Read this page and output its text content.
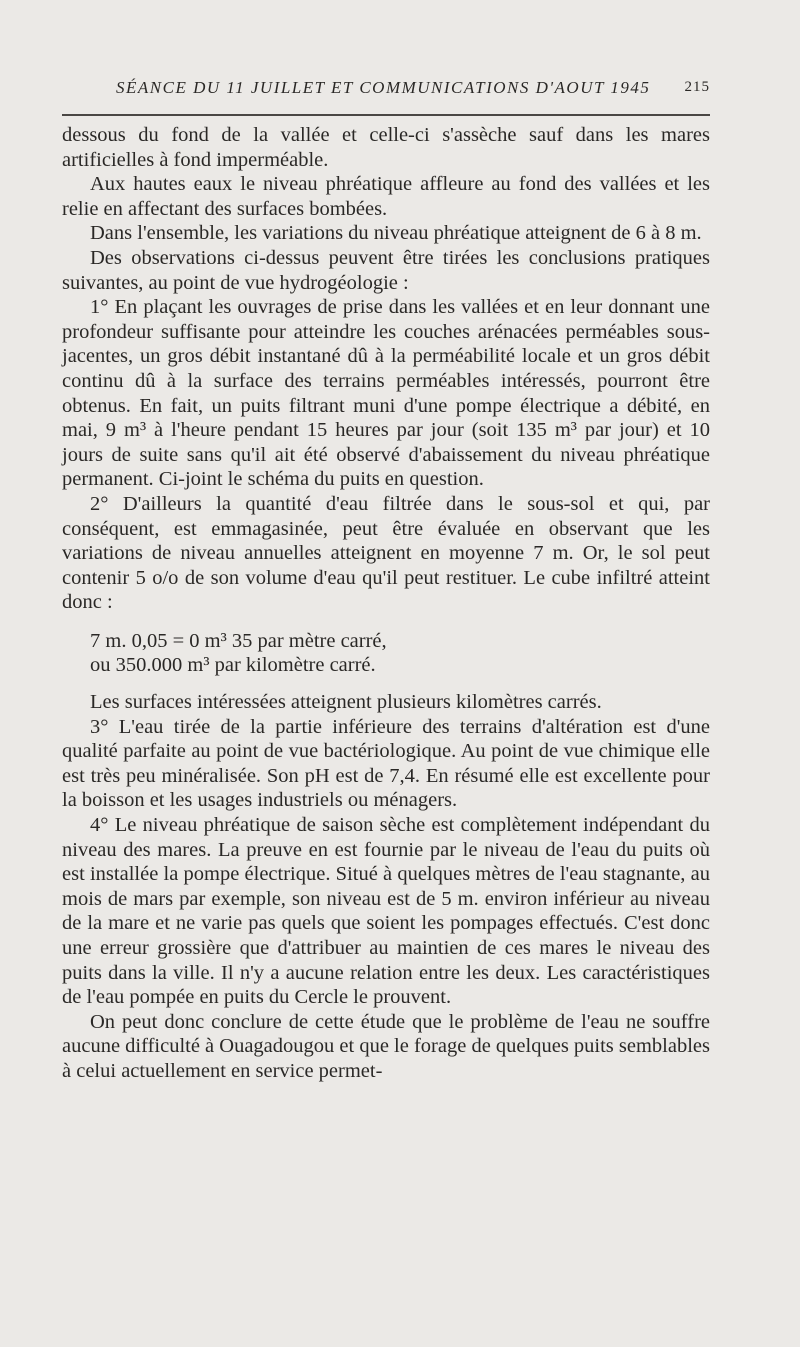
SÉANCE DU 11 JUILLET ET COMMUNICATIONS D'AOUT 1945 215

dessous du fond de la vallée et celle-ci s'assèche sauf dans les mares artificielles à fond imperméable.

Aux hautes eaux le niveau phréatique affleure au fond des vallées et les relie en affectant des surfaces bombées.

Dans l'ensemble, les variations du niveau phréatique atteignent de 6 à 8 m.

Des observations ci-dessus peuvent être tirées les conclusions pratiques suivantes, au point de vue hydrogéologie :

1° En plaçant les ouvrages de prise dans les vallées et en leur donnant une profondeur suffisante pour atteindre les couches arénacées perméables sous-jacentes, un gros débit instantané dû à la perméabilité locale et un gros débit continu dû à la surface des terrains perméables intéressés, pourront être obtenus. En fait, un puits filtrant muni d'une pompe électrique a débité, en mai, 9 m³ à l'heure pendant 15 heures par jour (soit 135 m³ par jour) et 10 jours de suite sans qu'il ait été observé d'abaissement du niveau phréatique permanent. Ci-joint le schéma du puits en question.

2° D'ailleurs la quantité d'eau filtrée dans le sous-sol et qui, par conséquent, est emmagasinée, peut être évaluée en observant que les variations de niveau annuelles atteignent en moyenne 7 m. Or, le sol peut contenir 5 o/o de son volume d'eau qu'il peut restituer. Le cube infiltré atteint donc :

7 m. 0,05 = 0 m³ 35 par mètre carré,
ou 350.000 m³ par kilomètre carré.

Les surfaces intéressées atteignent plusieurs kilomètres carrés.

3° L'eau tirée de la partie inférieure des terrains d'altération est d'une qualité parfaite au point de vue bactériologique. Au point de vue chimique elle est très peu minéralisée. Son pH est de 7,4. En résumé elle est excellente pour la boisson et les usages industriels ou ménagers.

4° Le niveau phréatique de saison sèche est complètement indépendant du niveau des mares. La preuve en est fournie par le niveau de l'eau du puits où est installée la pompe électrique. Situé à quelques mètres de l'eau stagnante, au mois de mars par exemple, son niveau est de 5 m. environ inférieur au niveau de la mare et ne varie pas quels que soient les pompages effectués. C'est donc une erreur grossière que d'attribuer au maintien de ces mares le niveau des puits dans la ville. Il n'y a aucune relation entre les deux. Les caractéristiques de l'eau pompée en puits du Cercle le prouvent.

On peut donc conclure de cette étude que le problème de l'eau ne souffre aucune difficulté à Ouagadougou et que le forage de quelques puits semblables à celui actuellement en service permet-
